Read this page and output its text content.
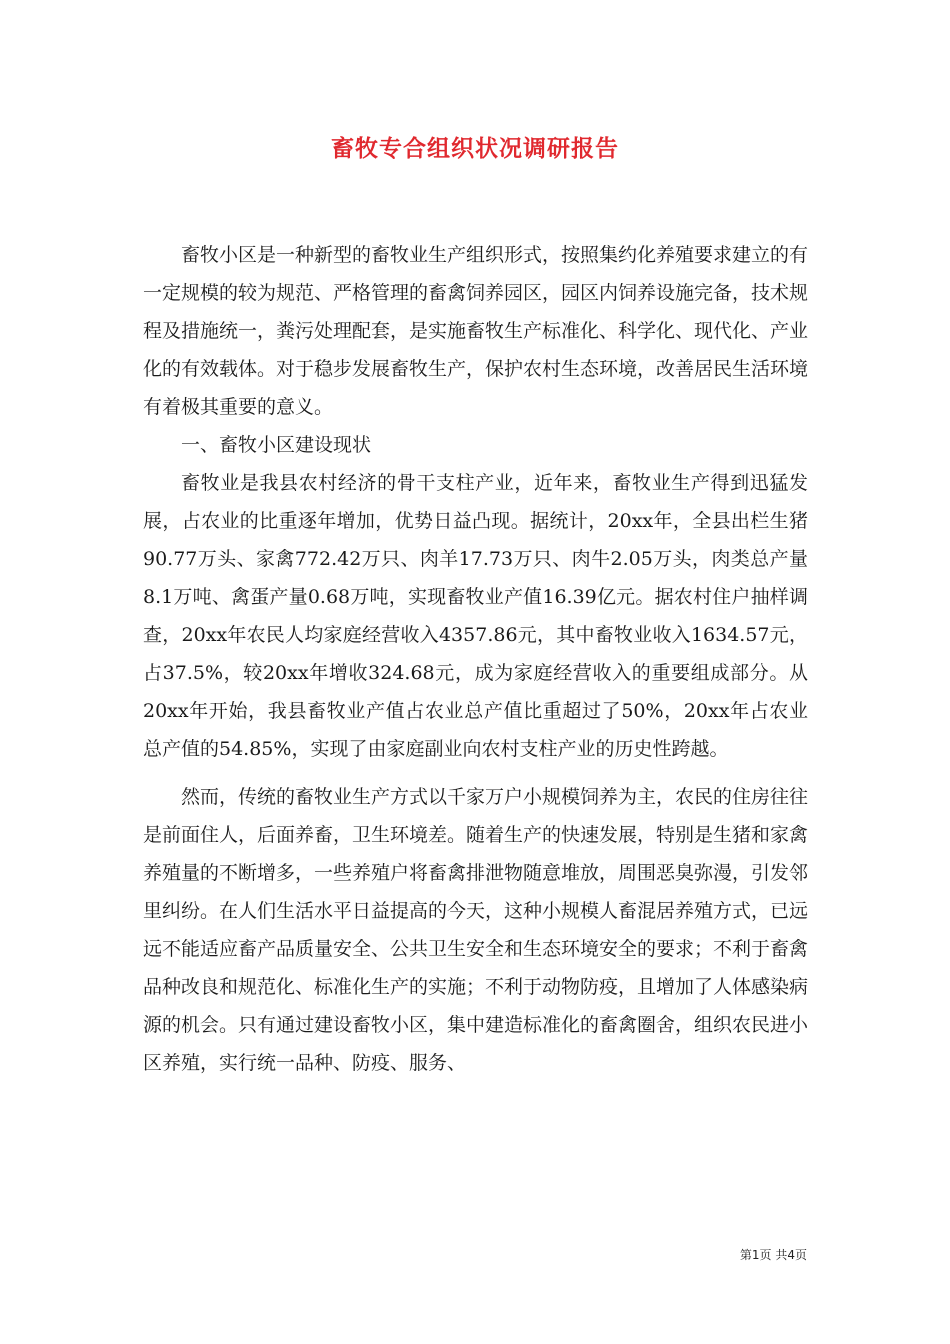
畜牧专合组织状况调研报告

畜牧小区是一种新型的畜牧业生产组织形式，按照集约化养殖要求建立的有一定规模的较为规范、严格管理的畜禽饲养园区，园区内饲养设施完备，技术规程及措施统一，粪污处理配套，是实施畜牧生产标准化、科学化、现代化、产业化的有效载体。对于稳步发展畜牧生产，保护农村生态环境，改善居民生活环境有着极其重要的意义。

一、畜牧小区建设现状

畜牧业是我县农村经济的骨干支柱产业，近年来，畜牧业生产得到迅猛发展，占农业的比重逐年增加，优势日益凸现。据统计，20xx年，全县出栏生猪90.77万头、家禽772.42万只、肉羊17.73万只、肉牛2.05万头，肉类总产量8.1万吨、禽蛋产量0.68万吨，实现畜牧业产值16.39亿元。据农村住户抽样调查，20xx年农民人均家庭经营收入4357.86元，其中畜牧业收入1634.57元，占37.5%，较20xx年增收324.68元，成为家庭经营收入的重要组成部分。从20xx年开始，我县畜牧业产值占农业总产值比重超过了50%，20xx年占农业总产值的54.85%，实现了由家庭副业向农村支柱产业的历史性跨越。

然而，传统的畜牧业生产方式以千家万户小规模饲养为主，农民的住房往往是前面住人，后面养畜，卫生环境差。随着生产的快速发展，特别是生猪和家禽养殖量的不断增多，一些养殖户将畜禽排泄物随意堆放，周围恶臭弥漫，引发邻里纠纷。在人们生活水平日益提高的今天，这种小规模人畜混居养殖方式，已远远不能适应畜产品质量安全、公共卫生安全和生态环境安全的要求；不利于畜禽品种改良和规范化、标准化生产的实施；不利于动物防疫，且增加了人体感染病源的机会。只有通过建设畜牧小区，集中建造标准化的畜禽圈舍，组织农民进小区养殖，实行统一品种、防疫、服务、

第1页 共4页
